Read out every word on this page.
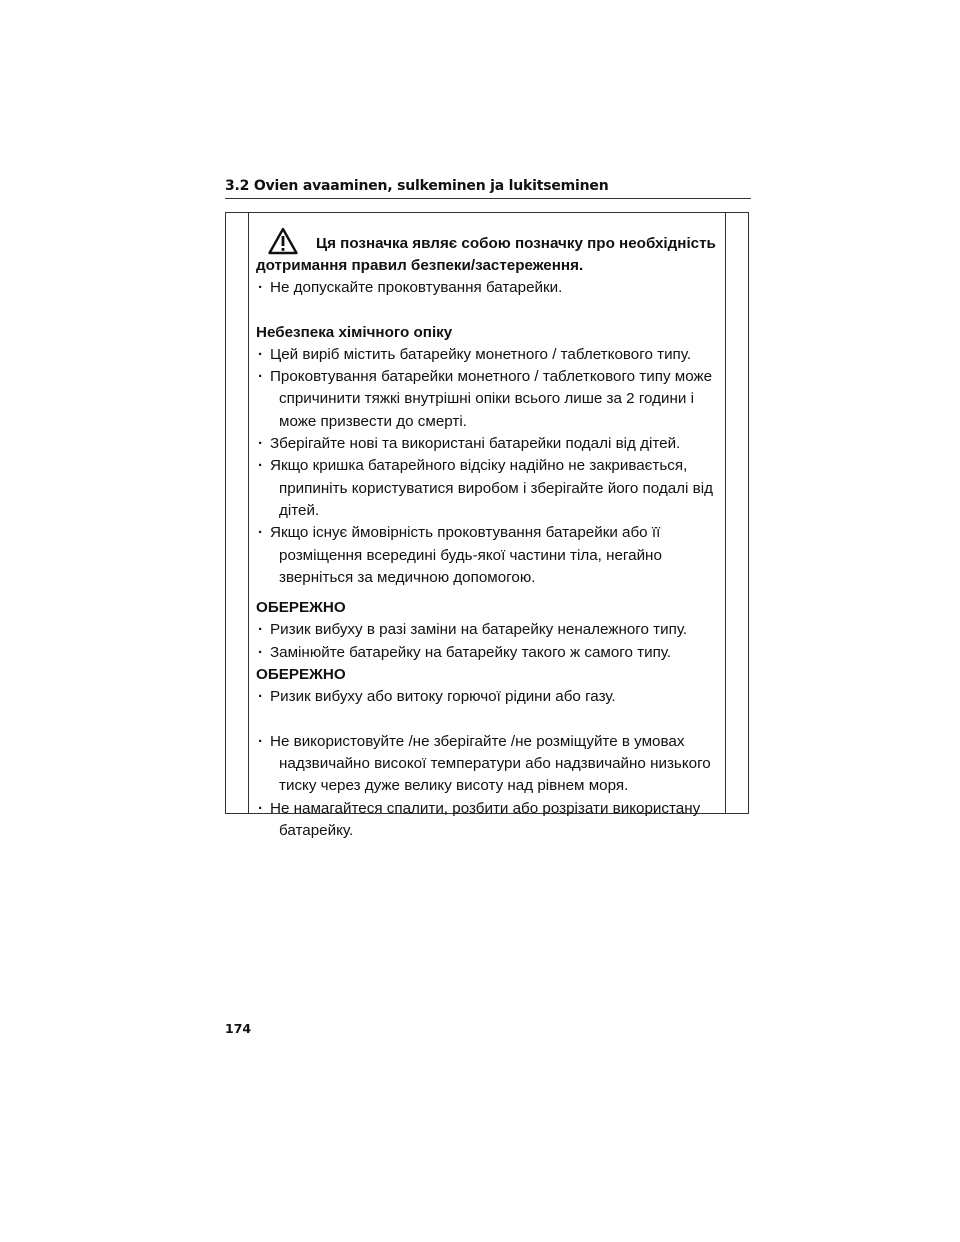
3.2 Ovien avaaminen, sulkeminen ja lukitseminen
Ця позначка являє собою позначку про необхідність
дотримання правил безпеки/застереження.
· Не допускайте проковтування батарейки.
Небезпека хімічного опіку
· Цей виріб містить батарейку монетного / таблеткового типу.
· Проковтування батарейки монетного / таблеткового типу може
спричинити тяжкі внутрішні опіки всього лише за 2 години і
може призвести до смерті.
· Зберігайте нові та використані батарейки подалі від дітей.
· Якщо кришка батарейного відсіку надійно не закривається,
припиніть користуватися виробом і зберігайте його подалі від
дітей.
· Якщо існує ймовірність проковтування батарейки або її
розміщення всередині будь-якої частини тіла, негайно
зверніться за медичною допомогою.
ОБЕРЕЖНО
· Ризик вибуху в разі заміни на батарейку неналежного типу.
· Замінюйте батарейку на батарейку такого ж самого типу.
ОБЕРЕЖНО
· Ризик вибуху або витоку горючої рідини або газу.
· Не використовуйте /не зберігайте /не розміщуйте в умовах
надзвичайно високої температури або надзвичайно низького
тиску через дуже велику висоту над рівнем моря.
· Не намагайтеся спалити, розбити або розрізати використану
батарейку.
174
